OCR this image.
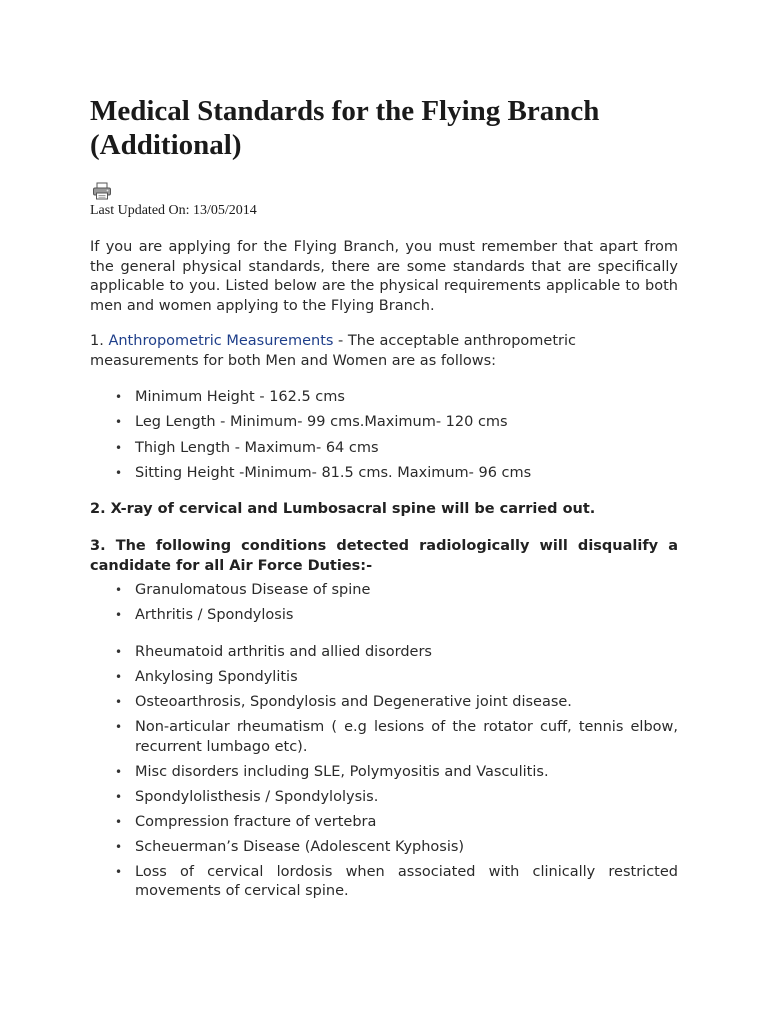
Medical Standards for the Flying Branch (Additional)
Last Updated On: 13/05/2014

If you are applying for the Flying Branch, you must remember that apart from the general physical standards, there are some standards that are specifically applicable to you. Listed below are the physical requirements applicable to both men and women applying to the Flying Branch.

1. Anthropometric Measurements - The acceptable anthropometric measurements for both Men and Women are as follows:

• Minimum Height - 162.5 cms
• Leg Length - Minimum- 99 cms.Maximum- 120 cms
• Thigh Length - Maximum- 64 cms
• Sitting Height -Minimum- 81.5 cms. Maximum- 96 cms

2. X-ray of cervical and Lumbosacral spine will be carried out.

3. The following conditions detected radiologically will disqualify a candidate for all Air Force Duties:-

• Granulomatous Disease of spine
• Arthritis / Spondylosis
• Rheumatoid arthritis and allied disorders
• Ankylosing Spondylitis
• Osteoarthrosis, Spondylosis and Degenerative joint disease.
• Non-articular rheumatism ( e.g lesions of the rotator cuff, tennis elbow, recurrent lumbago etc).
• Misc disorders including SLE, Polymyositis and Vasculitis.
• Spondylolisthesis / Spondylolysis.
• Compression fracture of vertebra
• Scheuerman’s Disease (Adolescent Kyphosis)
• Loss of cervical lordosis when associated with clinically restricted movements of cervical spine.
